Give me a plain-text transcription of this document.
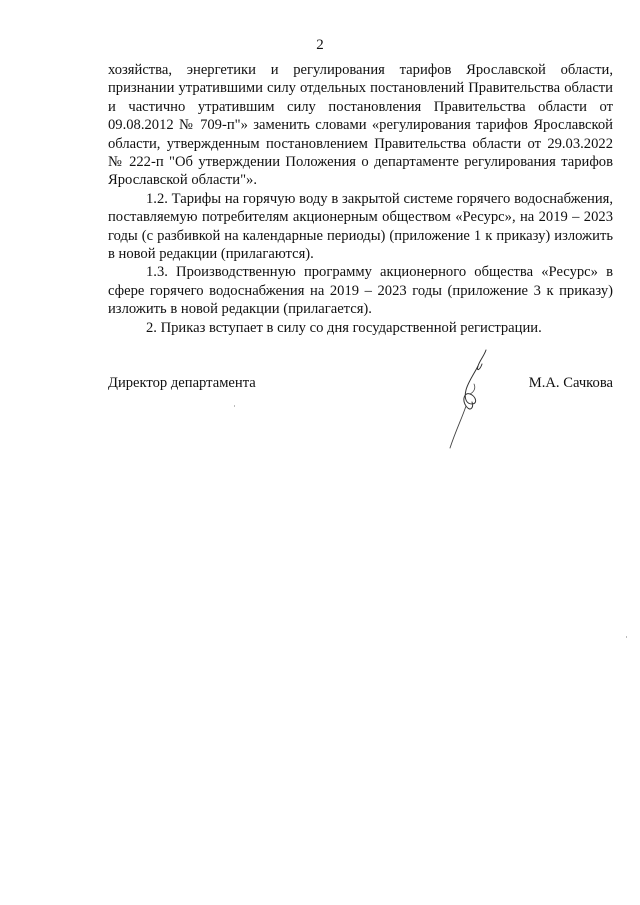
2

хозяйства, энергетики и регулирования тарифов Ярославской области, признании утратившими силу отдельных постановлений Правительства области и частично утратившим силу постановления Правительства области от 09.08.2012 № 709-п"» заменить словами «регулирования тарифов Ярославской области, утвержденным постановлением Правительства области от 29.03.2022 № 222-п "Об утверждении Положения о департаменте регулирования тарифов Ярославской области"».

1.2. Тарифы на горячую воду в закрытой системе горячего водоснабжения, поставляемую потребителям акционерным обществом «Ресурс», на 2019 – 2023 годы (с разбивкой на календарные периоды) (приложение 1 к приказу) изложить в новой редакции (прилагаются).

1.3. Производственную программу акционерного общества «Ресурс» в сфере горячего водоснабжения на 2019 – 2023 годы (приложение 3 к приказу) изложить в новой редакции (прилагается).

2. Приказ вступает в силу со дня государственной регистрации.

Директор департамента	М.А. Сачкова
